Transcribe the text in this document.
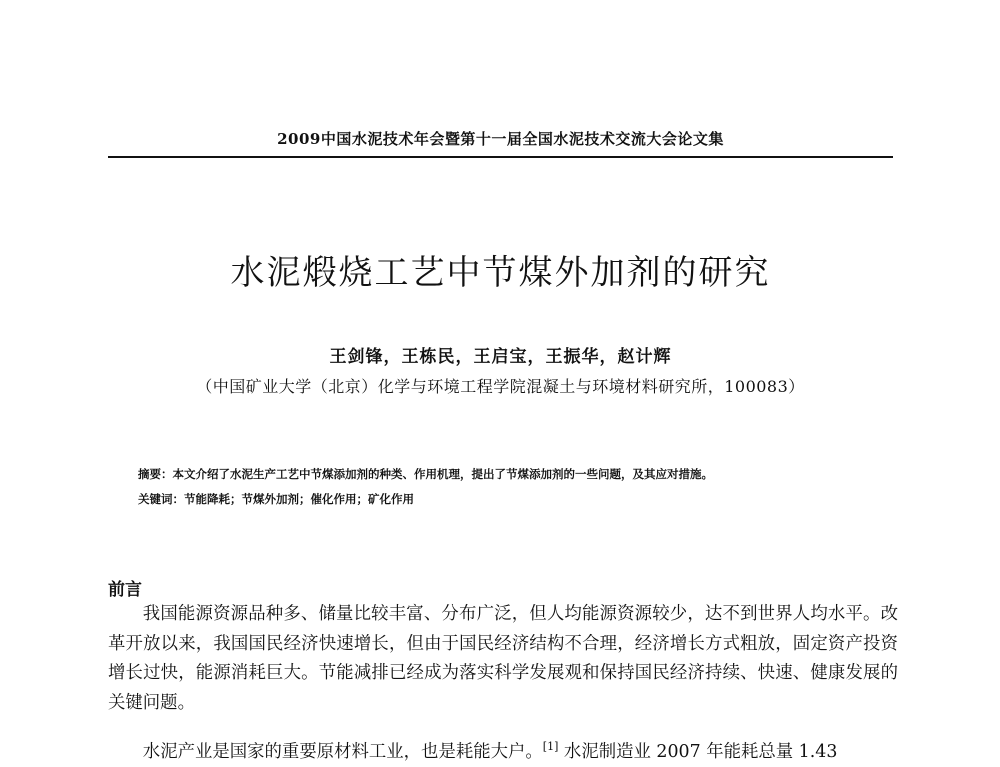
2009中国水泥技术年会暨第十一届全国水泥技术交流大会论文集
水泥煅烧工艺中节煤外加剂的研究
王剑锋，王栋民，王启宝，王振华，赵计辉
（中国矿业大学（北京）化学与环境工程学院混凝土与环境材料研究所，100083）
摘要：本文介绍了水泥生产工艺中节煤添加剂的种类、作用机理，提出了节煤添加剂的一些问题，及其应对措施。
关键词：节能降耗；节煤外加剂；催化作用；矿化作用
前言
我国能源资源品种多、储量比较丰富、分布广泛，但人均能源资源较少，达不到世界人均水平。改革开放以来，我国国民经济快速增长，但由于国民经济结构不合理，经济增长方式粗放，固定资产投资增长过快，能源消耗巨大。节能减排已经成为落实科学发展观和保持国民经济持续、快速、健康发展的关键问题。
水泥产业是国家的重要原材料工业，也是耗能大户。[1] 水泥制造业 2007 年能耗总量 1.43
